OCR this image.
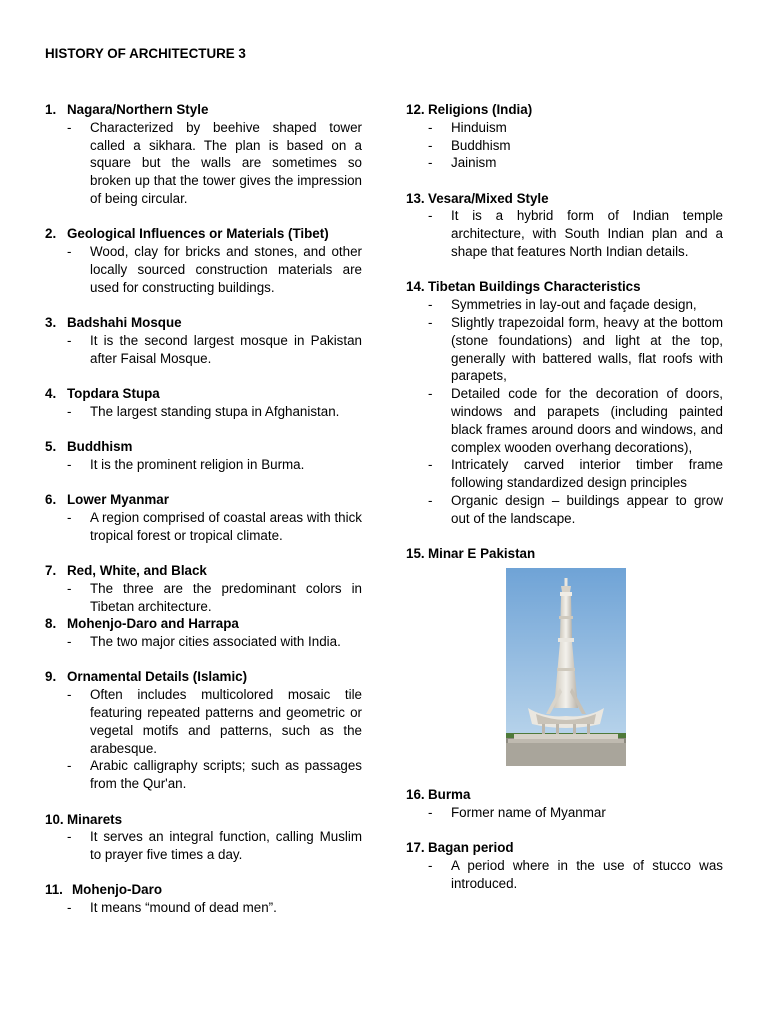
HISTORY OF ARCHITECTURE 3
1. Nagara/Northern Style
-	Characterized by beehive shaped tower called a sikhara. The plan is based on a square but the walls are sometimes so broken up that the tower gives the impression of being circular.
2. Geological Influences or Materials (Tibet)
-	Wood, clay for bricks and stones, and other locally sourced construction materials are used for constructing buildings.
3. Badshahi Mosque
-	It is the second largest mosque in Pakistan after Faisal Mosque.
4. Topdara Stupa
-	The largest standing stupa in Afghanistan.
5. Buddhism
-	It is the prominent religion in Burma.
6. Lower Myanmar
-	A region comprised of coastal areas with thick tropical forest or tropical climate.
7. Red, White, and Black
-	The three are the predominant colors in Tibetan architecture.
8. Mohenjo-Daro and Harrapa
-	The two major cities associated with India.
9. Ornamental Details (Islamic)
-	Often includes multicolored mosaic tile featuring repeated patterns and geometric or vegetal motifs and patterns, such as the arabesque.
-	Arabic calligraphy scripts; such as passages from the Qur'an.
10. Minarets
-	It serves an integral function, calling Muslim to prayer five times a day.
11. Mohenjo-Daro
-	It means “mound of dead men”.
12. Religions (India)
-	Hinduism
-	Buddhism
-	Jainism
13. Vesara/Mixed Style
-	It is a hybrid form of Indian temple architecture, with South Indian plan and a shape that features North Indian details.
14. Tibetan Buildings Characteristics
-	Symmetries in lay-out and façade design,
-	Slightly trapezoidal form, heavy at the bottom (stone foundations) and light at the top, generally with battered walls, flat roofs with parapets,
-	Detailed code for the decoration of doors, windows and parapets (including painted black frames around doors and windows, and complex wooden overhang decorations),
-	Intricately carved interior timber frame following standardized design principles
-	Organic design – buildings appear to grow out of the landscape.
15. Minar E Pakistan
16. Burma
-	Former name of Myanmar
17. Bagan period
-	A period where in the use of stucco was introduced.
